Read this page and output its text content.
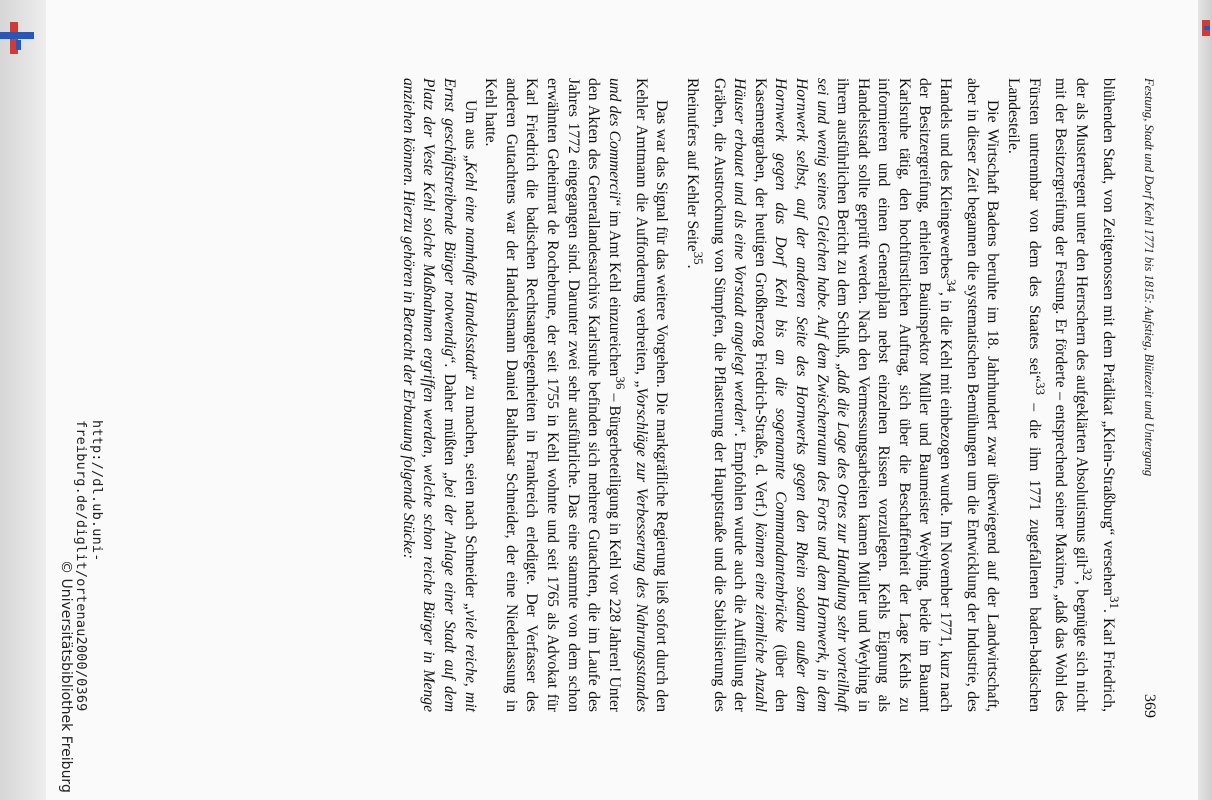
Festung, Stadt und Dorf Kehl 1771 bis 1815: Aufstieg, Blütezeit und Untergang
369

blühenden Stadt, von Zeitgenossen mit dem Prädikat „Klein-Straßburg“ versehen$^{31}$. Karl Friedrich, der als Musterregent unter den Herrschern des aufgeklärten Absolutismus gilt$^{32}$, begnügte sich nicht mit der Besitzergreifung der Festung. Er förderte – entsprechend seiner Maxime, „daß das Wohl des Fürsten untrennbar von dem des Staates sei“$^{33}$ – die ihm 1771 zugefallenen baden-badischen Landesteile.

Die Wirtschaft Badens beruhte im 18. Jahrhundert zwar überwiegend auf der Landwirtschaft, aber in dieser Zeit begannen die systematischen Bemühungen um die Entwicklung der Industrie, des Handels und des Kleingewerbes$^{34}$, in die Kehl mit einbezogen wurde. Im November 1771, kurz nach der Besitzergreifung, erhielten Bauinspektor Müller und Baumeister Weyhing, beide im Bauamt Karlsruhe tätig, den hochfürstlichen Auftrag, sich über die Beschaffenheit der Lage Kehls zu informieren und einen Generalplan nebst einzelnen Rissen vorzulegen. Kehls Eignung als Handelsstadt sollte geprüft werden. Nach den Vermessungsarbeiten kamen Müller und Weyhing in ihrem ausführlichen Bericht zu dem Schluß, „daß die Lage des Ortes zur Handlung sehr vorteilhaft sei und wenig seines Gleichen habe. Auf dem Zwischenraum des Forts und dem Hornwerk, in dem Hornwerk selbst, auf der anderen Seite des Hornwerks gegen den Rhein sodann außer dem Hornwerk gegen das Dorf Kehl bis an die sogenannte Commandantenbrücke (über den Kasemengraben, der heutigen Großherzog Friedrich-Straße, d. Verf.) können eine ziemliche Anzahl Häuser erbauet und als eine Vorstadt angelegt werden“. Empfohlen wurde auch die Auffüllung der Gräben, die Austrocknung von Sümpfen, die Pflasterung der Hauptstraße und die Stabilisierung des Rheinufers auf Kehler Seite$^{35}$.

Das war das Signal für das weitere Vorgehen. Die markgräfliche Regierung ließ sofort durch den Kehler Amtmann die Aufforderung verbreiten, „Vorschläge zur Verbesserung des Nahrungsstandes und des Commercii“ im Amt Kehl einzureichen$^{36}$ – Bürgerbeteiligung in Kehl vor 228 Jahren! Unter den Akten des Generallandesarchivs Karlsruhe befinden sich mehrere Gutachten, die im Laufe des Jahres 1772 eingegangen sind. Darunter zwei sehr ausführliche. Das eine stammte von dem schon erwähnten Geheimrat de Rochebrune, der seit 1755 in Kehl wohnte und seit 1765 als Advokat für Karl Friedrich die badischen Rechtsangelegenheiten in Frankreich erledigte. Der Verfasser des anderen Gutachtens war der Handelsmann Daniel Balthasar Schneider, der eine Niederlassung in Kehl hatte.

Um aus „Kehl eine namhafte Handelsstadt“ zu machen, seien nach Schneider „viele reiche, mit Ernst geschäftstreibende Bürger notwendig“. Daher müßten „bei der Anlage einer Stadt auf dem Platz der Veste Kehl solche Maßnahmen ergriffen werden, welche schon reiche Bürger in Menge anziehen können. Hierzu gehören in Betracht der Erbauung folgende Stücke:

http://dl.ub.uni-freiburg.de/diglit/ortenau2000/0369
© Universitätsbibliothek Freiburg
